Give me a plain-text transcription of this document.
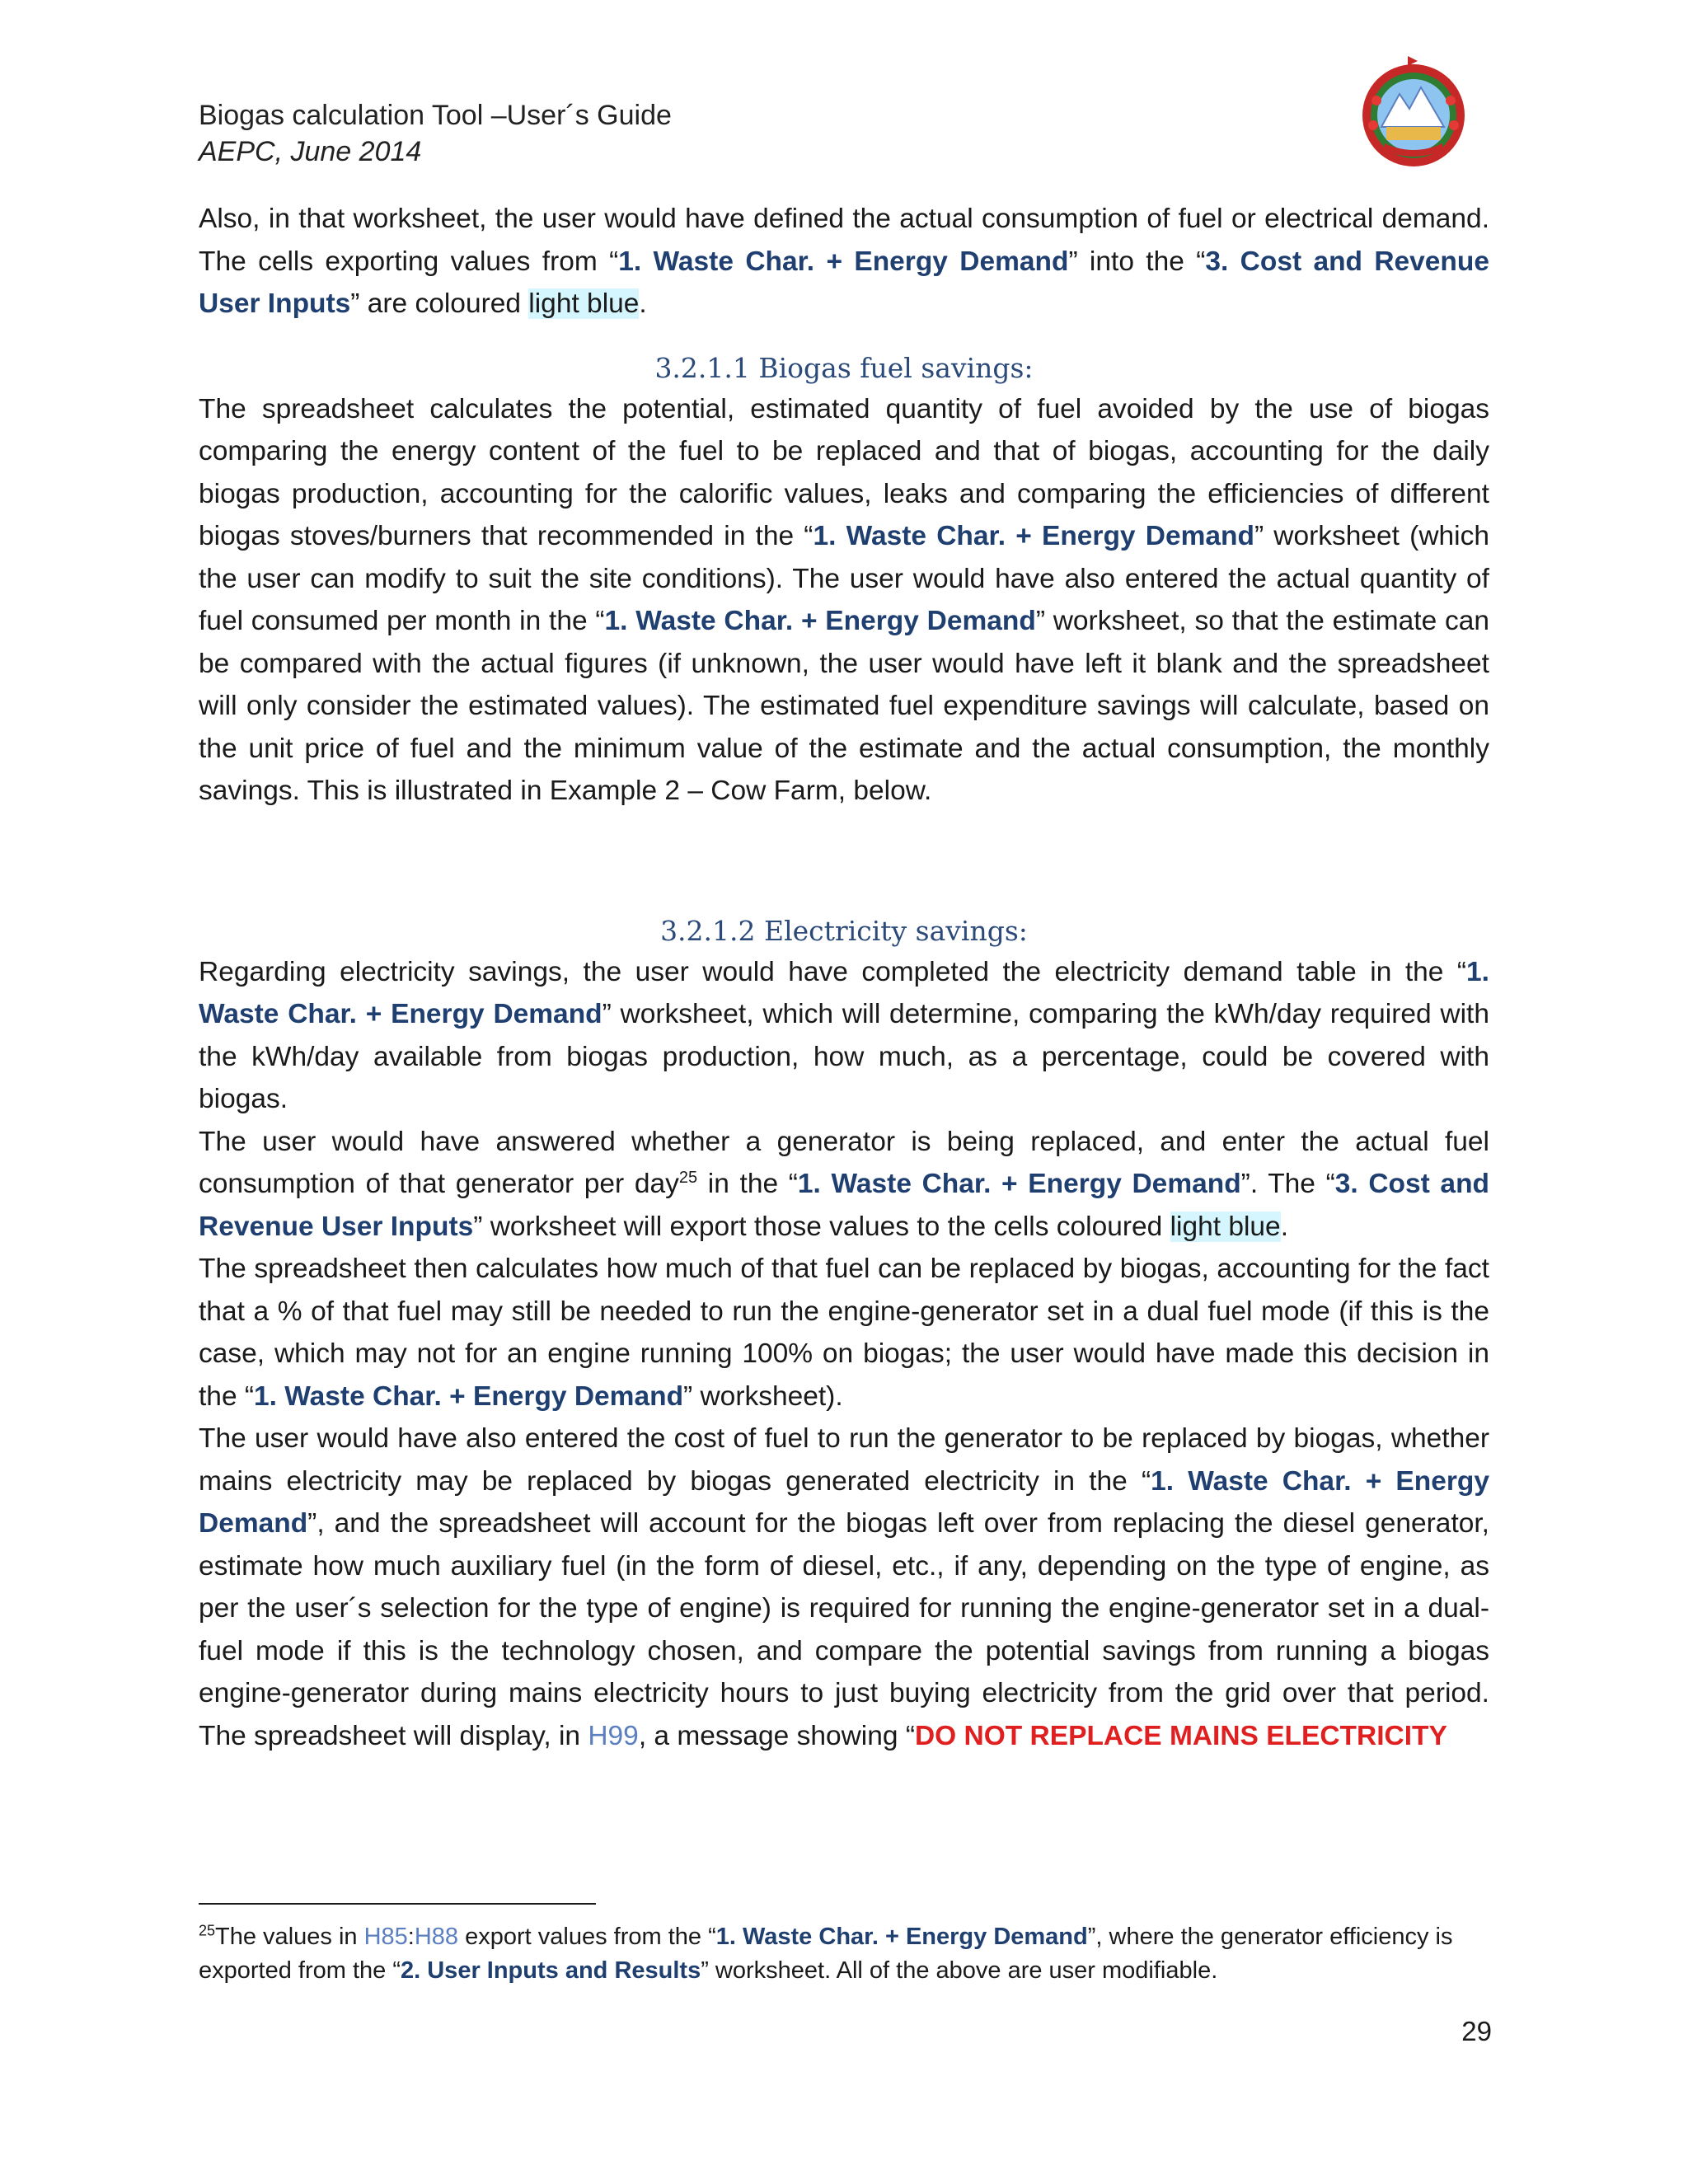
Biogas calculation Tool –User´s Guide
AEPC, June 2014

Also, in that worksheet, the user would have defined the actual consumption of fuel or electrical demand. The cells exporting values from “1. Waste Char. + Energy Demand” into the “3. Cost and Revenue User Inputs” are coloured light blue.

3.2.1.1 Biogas fuel savings:

The spreadsheet calculates the potential, estimated quantity of fuel avoided by the use of biogas comparing the energy content of the fuel to be replaced and that of biogas, accounting for the daily biogas production, accounting for the calorific values, leaks and comparing the efficiencies of different biogas stoves/burners that recommended in the “1. Waste Char. + Energy Demand” worksheet (which the user can modify to suit the site conditions). The user would have also entered the actual quantity of fuel consumed per month in the “1. Waste Char. + Energy Demand” worksheet, so that the estimate can be compared with the actual figures (if unknown, the user would have left it blank and the spreadsheet will only consider the estimated values). The estimated fuel expenditure savings will calculate, based on the unit price of fuel and the minimum value of the estimate and the actual consumption, the monthly savings. This is illustrated in Example 2 – Cow Farm, below.

3.2.1.2 Electricity savings:

Regarding electricity savings, the user would have completed the electricity demand table in the “1. Waste Char. + Energy Demand” worksheet, which will determine, comparing the kWh/day required with the kWh/day available from biogas production, how much, as a percentage, could be covered with biogas.

The user would have answered whether a generator is being replaced, and enter the actual fuel consumption of that generator per day$^{25}$ in the “1. Waste Char. + Energy Demand”. The “3. Cost and Revenue User Inputs” worksheet will export those values to the cells coloured light blue.

The spreadsheet then calculates how much of that fuel can be replaced by biogas, accounting for the fact that a % of that fuel may still be needed to run the engine-generator set in a dual fuel mode (if this is the case, which may not for an engine running 100% on biogas; the user would have made this decision in the “1. Waste Char. + Energy Demand” worksheet).

The user would have also entered the cost of fuel to run the generator to be replaced by biogas, whether mains electricity may be replaced by biogas generated electricity in the “1. Waste Char. + Energy Demand”, and the spreadsheet will account for the biogas left over from replacing the diesel generator, estimate how much auxiliary fuel (in the form of diesel, etc., if any, depending on the type of engine, as per the user´s selection for the type of engine) is required for running the engine-generator set in a dual-fuel mode if this is the technology chosen, and compare the potential savings from running a biogas engine-generator during mains electricity hours to just buying electricity from the grid over that period. The spreadsheet will display, in H99, a message showing “DO NOT REPLACE MAINS ELECTRICITY

$^{25}$The values in H85:H88 export values from the “1. Waste Char. + Energy Demand”, where the generator efficiency is exported from the “2. User Inputs and Results” worksheet. All of the above are user modifiable.
29
